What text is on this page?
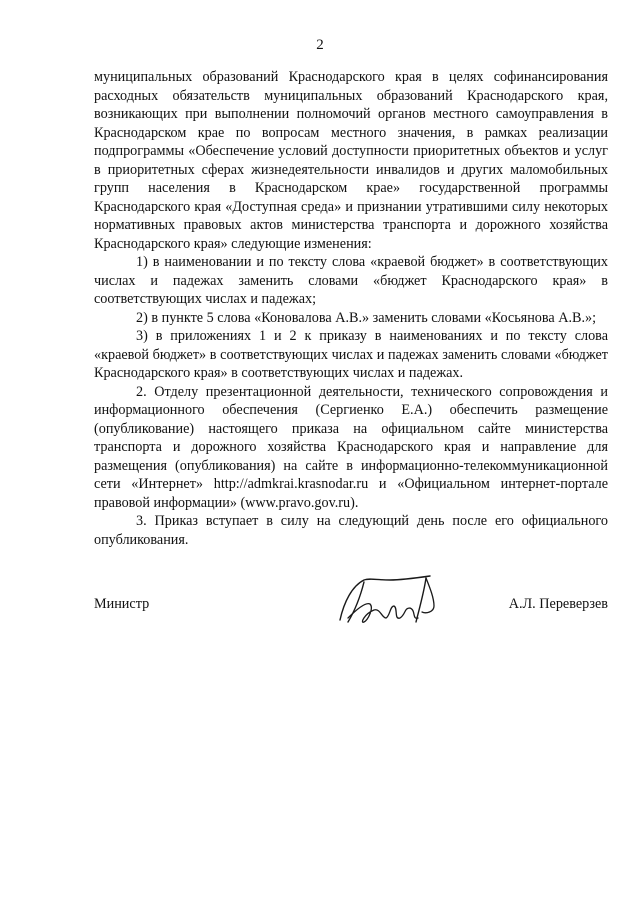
2

муниципальных образований Краснодарского края в целях софинансирования расходных обязательств муниципальных образований Краснодарского края, возникающих при выполнении полномочий органов местного самоуправления в Краснодарском крае по вопросам местного значения, в рамках реализации подпрограммы «Обеспечение условий доступности приоритетных объектов и услуг в приоритетных сферах жизнедеятельности инвалидов и других маломобильных групп населения в Краснодарском крае» государственной программы Краснодарского края «Доступная среда» и признании утратившими силу некоторых нормативных правовых актов министерства транспорта и дорожного хозяйства Краснодарского края» следующие изменения:

1) в наименовании и по тексту слова «краевой бюджет» в соответствующих числах и падежах заменить словами «бюджет Краснодарского края» в соответствующих числах и падежах;

2) в пункте 5 слова «Коновалова А.В.» заменить словами «Косьянова А.В.»;

3) в приложениях 1 и 2 к приказу в наименованиях и по тексту слова «краевой бюджет» в соответствующих числах и падежах заменить словами «бюджет Краснодарского края» в соответствующих числах и падежах.

2. Отделу презентационной деятельности, технического сопровождения и информационного обеспечения (Сергиенко Е.А.) обеспечить размещение (опубликование) настоящего приказа на официальном сайте министерства транспорта и дорожного хозяйства Краснодарского края и направление для размещения (опубликования) на сайте в информационно-телекоммуникационной сети «Интернет» http://admkrai.krasnodar.ru и «Официальном интернет-портале правовой информации» (www.pravo.gov.ru).

3. Приказ вступает в силу на следующий день после его официального опубликования.

Министр	А.Л. Переверзев
